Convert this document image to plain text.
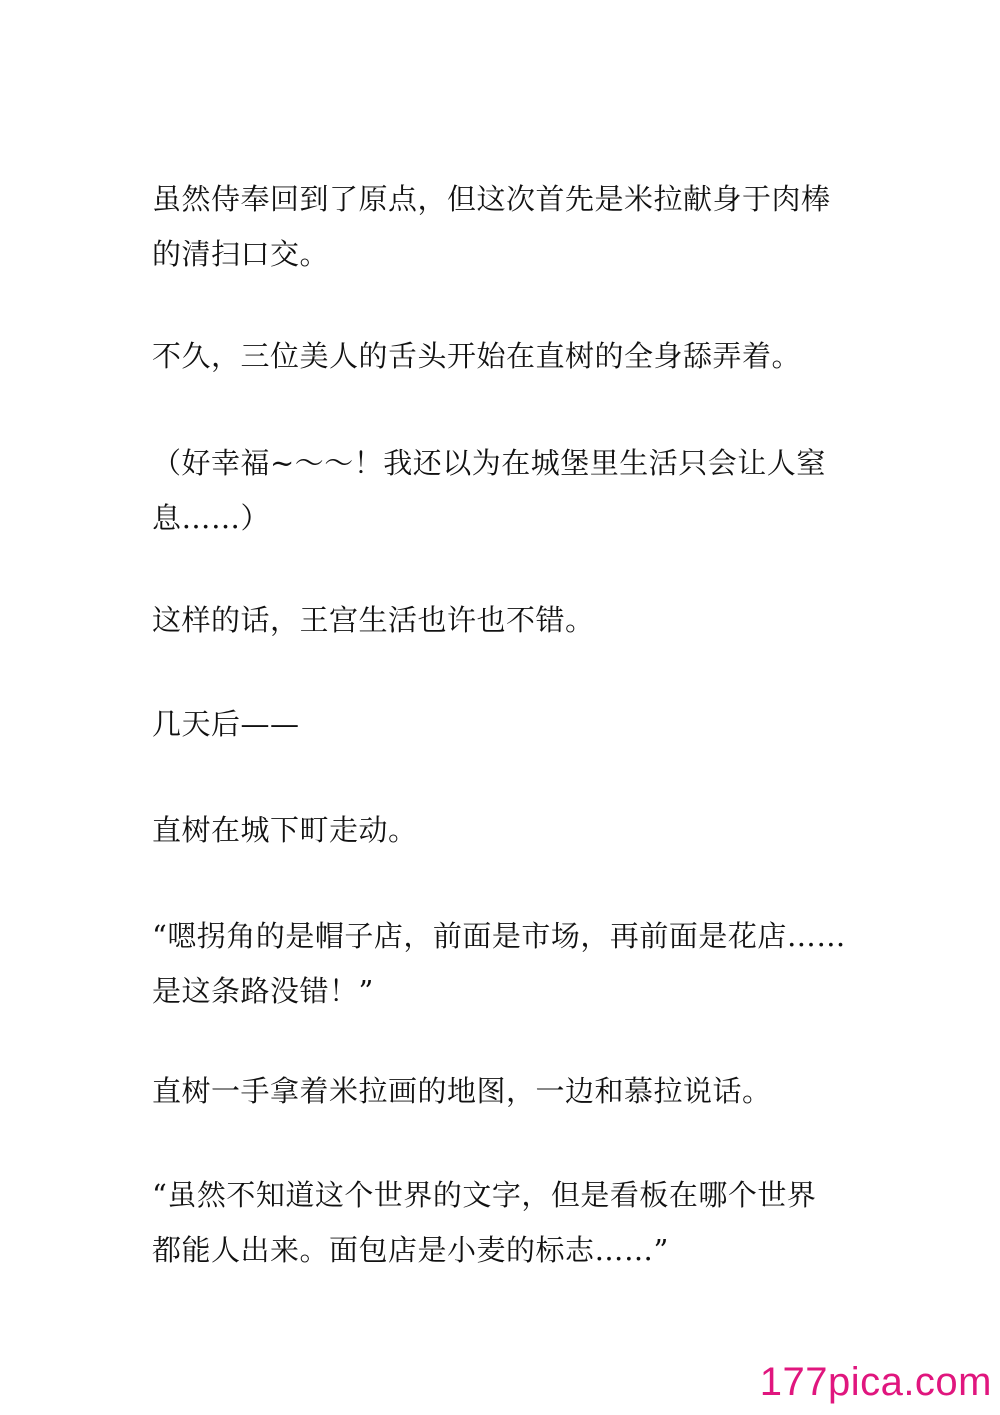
虽然侍奉回到了原点，但这次首先是米拉献身于肉棒
的清扫口交。

不久，三位美人的舌头开始在直树的全身舔弄着。

（好幸福~～～！我还以为在城堡里生活只会让人窒
息……）

这样的话，王宫生活也许也不错。

几天后——

直树在城下町走动。

“嗯拐角的是帽子店，前面是市场，再前面是花店……
是这条路没错！”

直树一手拿着米拉画的地图，一边和慕拉说话。

“虽然不知道这个世界的文字，但是看板在哪个世界
都能人出来。面包店是小麦的标志……”

177pica.com
